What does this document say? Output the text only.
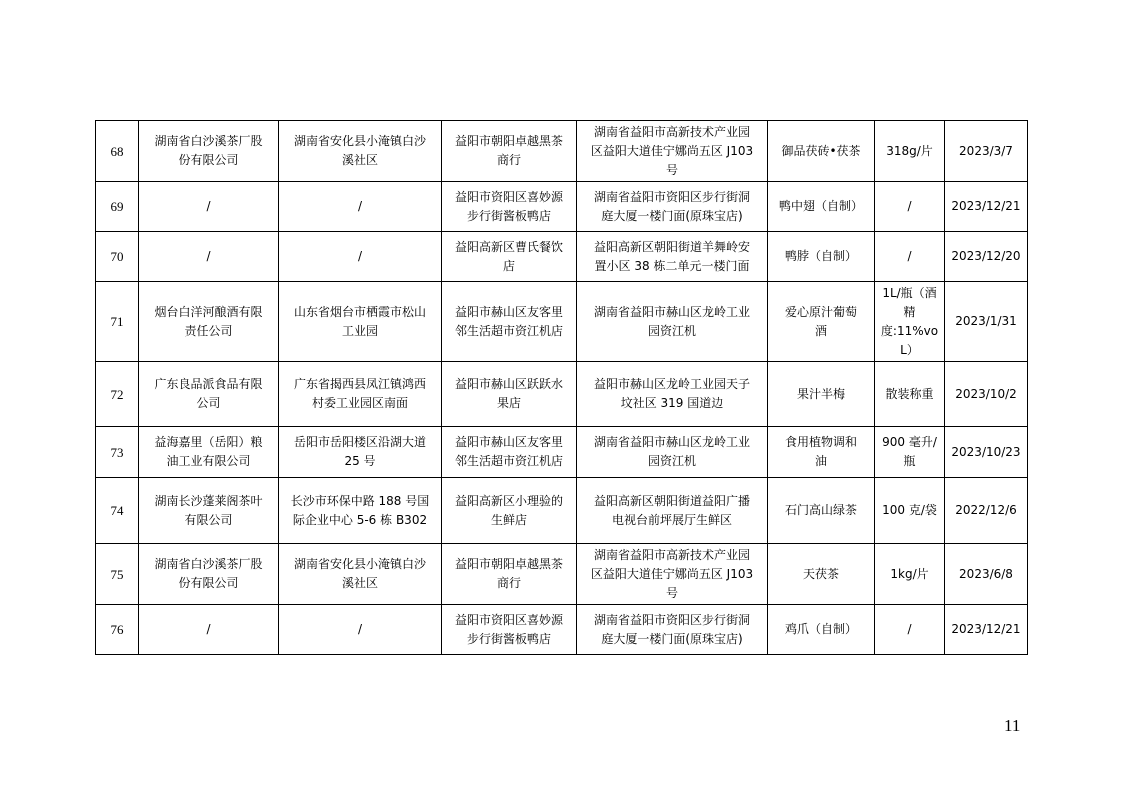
68	湖南省白沙溪茶厂股
份有限公司	湖南省安化县小淹镇白沙
溪社区	益阳市朝阳卓越黑茶
商行	湖南省益阳市高新技术产业园
区益阳大道佳宁娜尚五区 J103
号	御品茯砖•茯茶	318g/片	2023/3/7
69	/	/	益阳市资阳区喜妙源
步行街酱板鸭店	湖南省益阳市资阳区步行街洞
庭大厦一楼门面(原珠宝店)	鸭中翅（自制）	/	2023/12/21
70	/	/	益阳高新区曹氏餐饮
店	益阳高新区朝阳街道羊舞岭安
置小区 38 栋二单元一楼门面	鸭脖（自制）	/	2023/12/20
71	烟台白洋河酿酒有限
责任公司	山东省烟台市栖霞市松山
工业园	益阳市赫山区友客里
邻生活超市资江机店	湖南省益阳市赫山区龙岭工业
园资江机	爱心原汁葡萄
酒	1L/瓶（酒
精
度:11%vo
L）	2023/1/31
72	广东良品派食品有限
公司	广东省揭西县凤江镇鸿西
村委工业园区南面	益阳市赫山区跃跃水
果店	益阳市赫山区龙岭工业园天子
坟社区 319 国道边	果汁半梅	散装称重	2023/10/2
73	益海嘉里（岳阳）粮
油工业有限公司	岳阳市岳阳楼区沿湖大道
25 号	益阳市赫山区友客里
邻生活超市资江机店	湖南省益阳市赫山区龙岭工业
园资江机	食用植物调和
油	900 毫升/
瓶	2023/10/23
74	湖南长沙蓬莱阁茶叶
有限公司	长沙市环保中路 188 号国
际企业中心 5-6 栋 B302	益阳高新区小理验的
生鲜店	益阳高新区朝阳街道益阳广播
电视台前坪展厅生鲜区	石门高山绿茶	100 克/袋	2022/12/6
75	湖南省白沙溪茶厂股
份有限公司	湖南省安化县小淹镇白沙
溪社区	益阳市朝阳卓越黑茶
商行	湖南省益阳市高新技术产业园
区益阳大道佳宁娜尚五区 J103
号	天茯茶	1kg/片	2023/6/8
76	/	/	益阳市资阳区喜妙源
步行街酱板鸭店	湖南省益阳市资阳区步行街洞
庭大厦一楼门面(原珠宝店)	鸡爪（自制）	/	2023/12/21
11
